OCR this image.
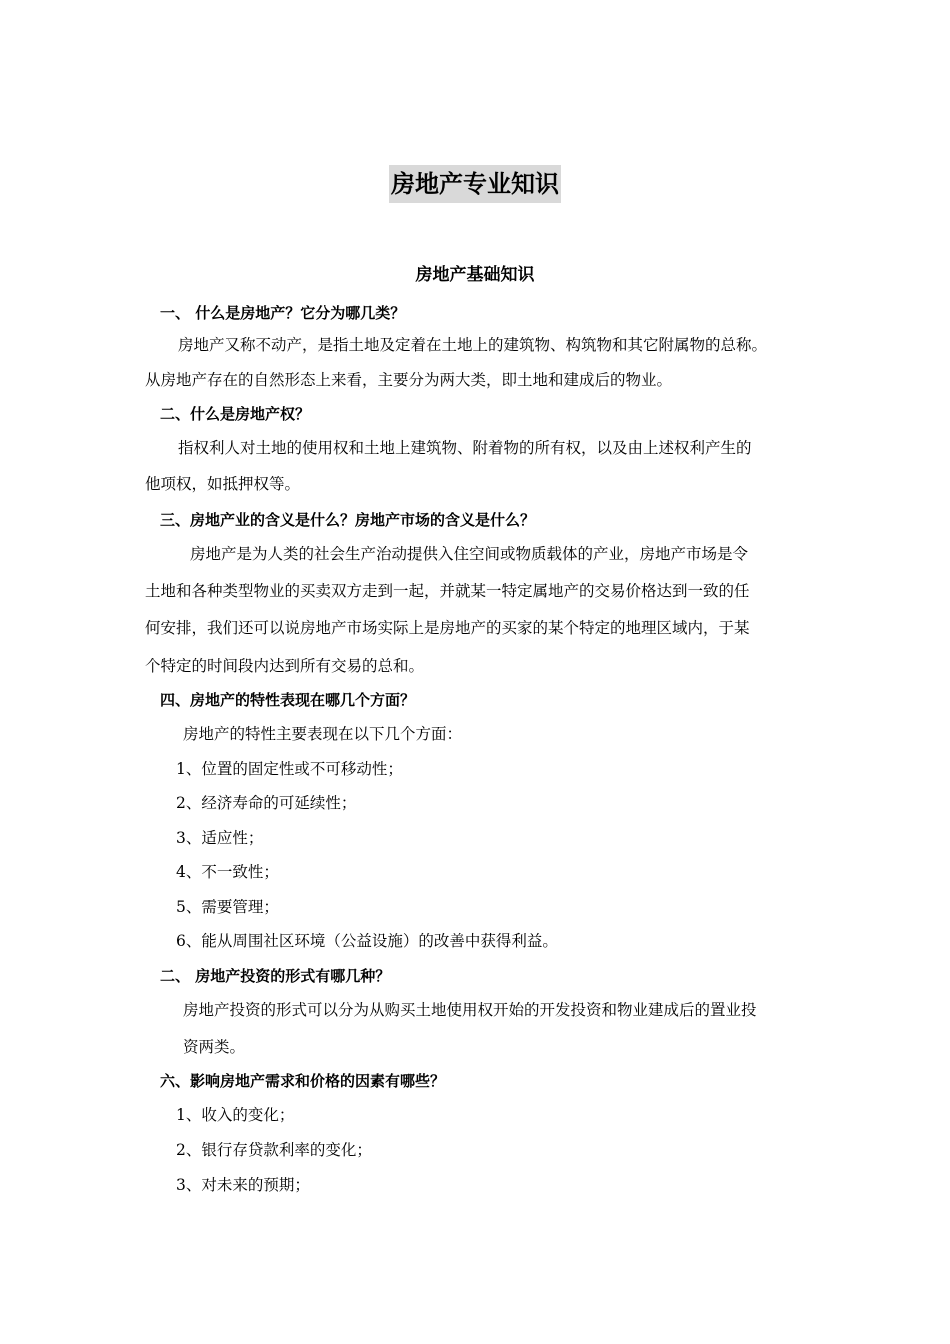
房地产专业知识
房地产基础知识
一、 什么是房地产？它分为哪几类？
房地产又称不动产，是指土地及定着在土地上的建筑物、构筑物和其它附属物的总称。
从房地产存在的自然形态上来看，主要分为两大类，即土地和建成后的物业。
二、什么是房地产权？
指权利人对土地的使用权和土地上建筑物、附着物的所有权，以及由上述权利产生的
他项权，如抵押权等。
三、房地产业的含义是什么？房地产市场的含义是什么？
房地产是为人类的社会生产治动提供入住空间或物质载体的产业，房地产市场是令
土地和各种类型物业的买卖双方走到一起，并就某一特定属地产的交易价格达到一致的任
何安排，我们还可以说房地产市场实际上是房地产的买家的某个特定的地理区域内，于某
个特定的时间段内达到所有交易的总和。
四、房地产的特性表现在哪几个方面？
房地产的特性主要表现在以下几个方面：
1、位置的固定性或不可移动性；
2、经济寿命的可延续性；
3、适应性；
4、不一致性；
5、需要管理；
6、能从周围社区环境（公益设施）的改善中获得利益。
二、 房地产投资的形式有哪几种？
房地产投资的形式可以分为从购买土地使用权开始的开发投资和物业建成后的置业投
资两类。
六、影响房地产需求和价格的因素有哪些？
1、收入的变化；
2、银行存贷款利率的变化；
3、对未来的预期；
